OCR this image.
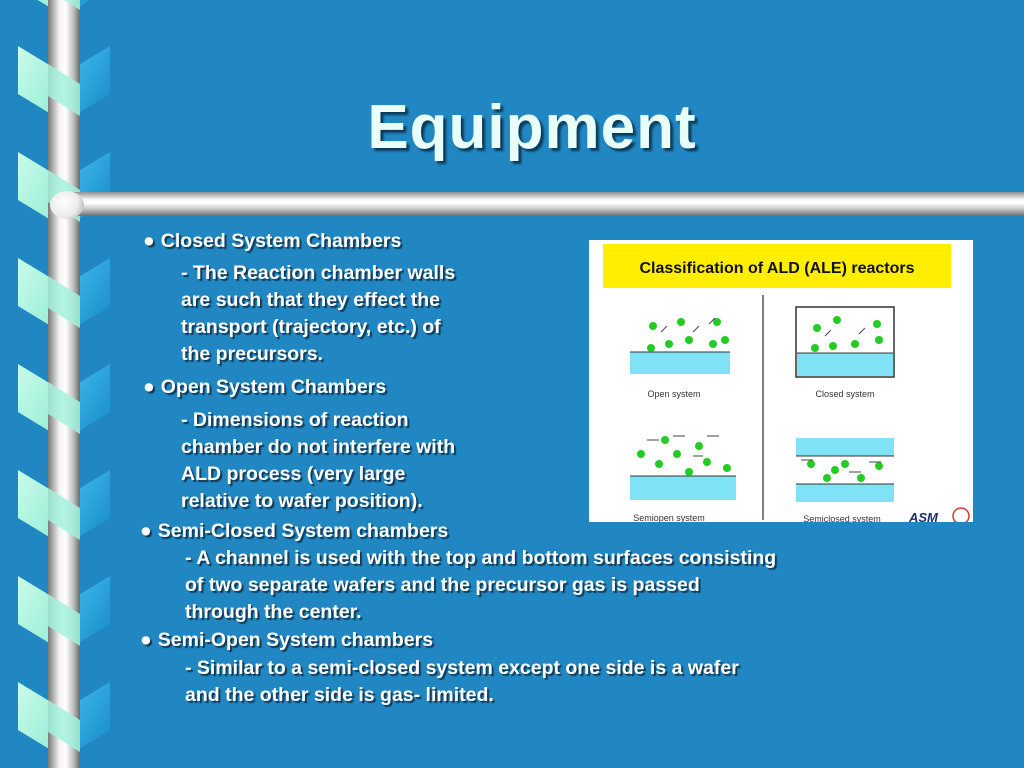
Equipment
● Closed System Chambers
- The Reaction chamber walls
are such that they effect the
transport (trajectory, etc.) of
the precursors.
● Open System Chambers
- Dimensions of reaction
chamber do not interfere with
ALD process (very large
relative to wafer position).
● Semi-Closed System chambers
- A channel is used with the top and bottom surfaces consisting
of two separate wafers and the precursor gas is passed
through the center.
● Semi-Open System chambers
- Similar to a semi-closed system except one side is a wafer
and the other side is gas- limited.
Classification of ALD (ALE) reactors
Open system	Closed system
Semiopen system	Semiclosed system ASM
